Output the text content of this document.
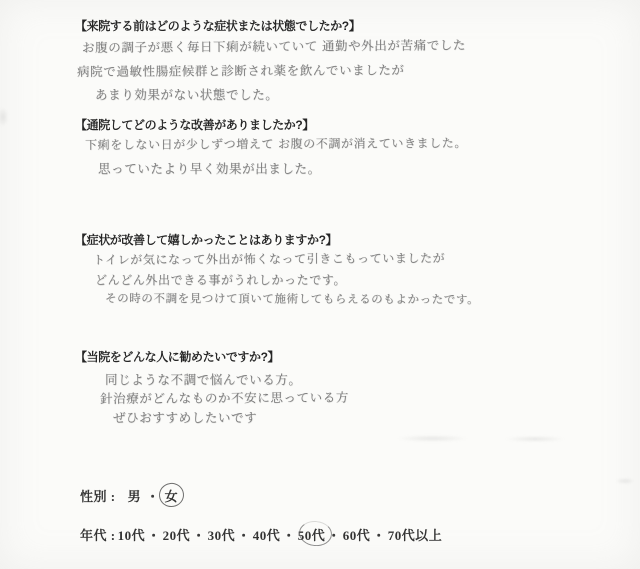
【来院する前はどのような症状または状態でしたか?】

お腹の調子が悪く毎日下痢が続いていて 通勤や外出が苦痛でした

病院で過敏性腸症候群と診断され薬を飲んでいましたが

あまり効果がない状態でした。

【通院してどのような改善がありましたか?】

下痢をしない日が少しずつ増えて お腹の不調が消えていきました。

思っていたより早く効果が出ました。

【症状が改善して嬉しかったことはありますか?】

トイレが気になって外出が怖くなって引きこもっていましたが

どんどん外出できる事がうれしかったです。

その時の不調を見つけて頂いて施術してもらえるのもよかったです。

【当院をどんな人に勧めたいですか?】

同じような不調で悩んでいる方。

針治療がどんなものか不安に思っている方

ぜひおすすめしたいです

性別 : 男 ・ 女
年代 : 10代 ・ 20代 ・ 30代 ・ 40代 ・ 50代 ・ 60代 ・ 70代以上
